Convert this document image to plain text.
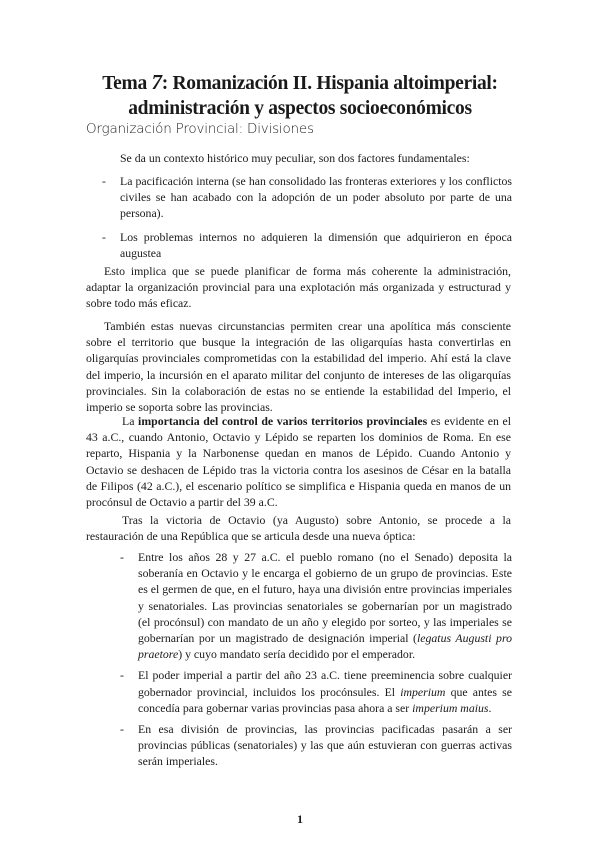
Tema 7: Romanización II. Hispania altoimperial:
administración y aspectos socioeconómicos
Organización Provincial: Divisiones
Se da un contexto histórico muy peculiar, son dos factores fundamentales:
- La pacificación interna (se han consolidado las fronteras exteriores y los conflictos civiles se han acabado con la adopción de un poder absoluto por parte de una persona).
- Los problemas internos no adquieren la dimensión que adquirieron en época augustea
Esto implica que se puede planificar de forma más coherente la administración, adaptar la organización provincial para una explotación más organizada y estructurad y sobre todo más eficaz.
También estas nuevas circunstancias permiten crear una apolítica más consciente sobre el territorio que busque la integración de las oligarquías hasta convertirlas en oligarquías provinciales comprometidas con la estabilidad del imperio. Ahí está la clave del imperio, la incursión en el aparato militar del conjunto de intereses de las oligarquías provinciales. Sin la colaboración de estas no se entiende la estabilidad del Imperio, el imperio se soporta sobre las provincias.
La importancia del control de varios territorios provinciales es evidente en el 43 a.C., cuando Antonio, Octavio y Lépido se reparten los dominios de Roma. En ese reparto, Hispania y la Narbonense quedan en manos de Lépido. Cuando Antonio y Octavio se deshacen de Lépido tras la victoria contra los asesinos de César en la batalla de Filipos (42 a.C.), el escenario político se simplifica e Hispania queda en manos de un procónsul de Octavio a partir del 39 a.C.
Tras la victoria de Octavio (ya Augusto) sobre Antonio, se procede a la restauración de una República que se articula desde una nueva óptica:
- Entre los años 28 y 27 a.C. el pueblo romano (no el Senado) deposita la soberanía en Octavio y le encarga el gobierno de un grupo de provincias. Este es el germen de que, en el futuro, haya una división entre provincias imperiales y senatoriales. Las provincias senatoriales se gobernarían por un magistrado (el procónsul) con mandato de un año y elegido por sorteo, y las imperiales se gobernarían por un magistrado de designación imperial (legatus Augusti pro praetore) y cuyo mandato sería decidido por el emperador.
- El poder imperial a partir del año 23 a.C. tiene preeminencia sobre cualquier gobernador provincial, incluidos los procónsules. El imperium que antes se concedía para gobernar varias provincias pasa ahora a ser imperium maius.
- En esa división de provincias, las provincias pacificadas pasarán a ser provincias públicas (senatoriales) y las que aún estuvieran con guerras activas serán imperiales.
1
